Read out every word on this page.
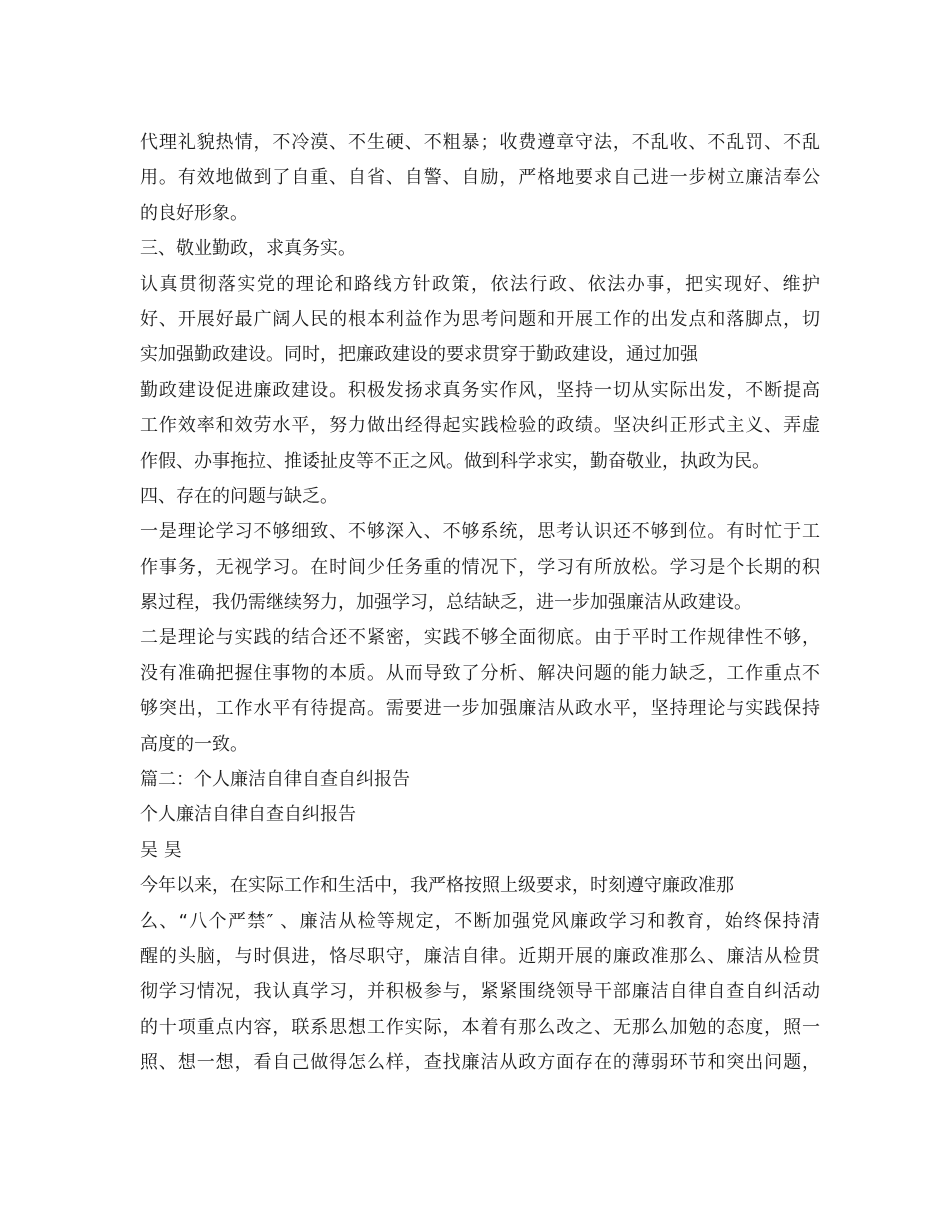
代理礼貌热情，不冷漠、不生硬、不粗暴；收费遵章守法，不乱收、不乱罚、不乱
用。有效地做到了自重、自省、自警、自励，严格地要求自己进一步树立廉洁奉公
的良好形象。
三、敬业勤政，求真务实。
认真贯彻落实党的理论和路线方针政策，依法行政、依法办事，把实现好、维护
好、开展好最广阔人民的根本利益作为思考问题和开展工作的出发点和落脚点，切
实加强勤政建设。同时，把廉政建设的要求贯穿于勤政建设，通过加强
勤政建设促进廉政建设。积极发扬求真务实作风，坚持一切从实际出发，不断提高
工作效率和效劳水平，努力做出经得起实践检验的政绩。坚决纠正形式主义、弄虚
作假、办事拖拉、推诿扯皮等不正之风。做到科学求实，勤奋敬业，执政为民。
四、存在的问题与缺乏。
一是理论学习不够细致、不够深入、不够系统，思考认识还不够到位。有时忙于工
作事务，无视学习。在时间少任务重的情况下，学习有所放松。学习是个长期的积
累过程，我仍需继续努力，加强学习，总结缺乏，进一步加强廉洁从政建设。
二是理论与实践的结合还不紧密，实践不够全面彻底。由于平时工作规律性不够，
没有准确把握住事物的本质。从而导致了分析、解决问题的能力缺乏，工作重点不
够突出，工作水平有待提高。需要进一步加强廉洁从政水平，坚持理论与实践保持
高度的一致。
篇二：个人廉洁自律自查自纠报告
个人廉洁自律自查自纠报告
吴 昊
今年以来，在实际工作和生活中，我严格按照上级要求，时刻遵守廉政准那
么、“八个严禁″ 、廉洁从检等规定，不断加强党风廉政学习和教育，始终保持清
醒的头脑，与时俱进，恪尽职守，廉洁自律。近期开展的廉政准那么、廉洁从检贯
彻学习情况，我认真学习，并积极参与，紧紧围绕领导干部廉洁自律自查自纠活动
的十项重点内容，联系思想工作实际，本着有那么改之、无那么加勉的态度，照一
照、想一想，看自己做得怎么样，查找廉洁从政方面存在的薄弱环节和突出问题，
